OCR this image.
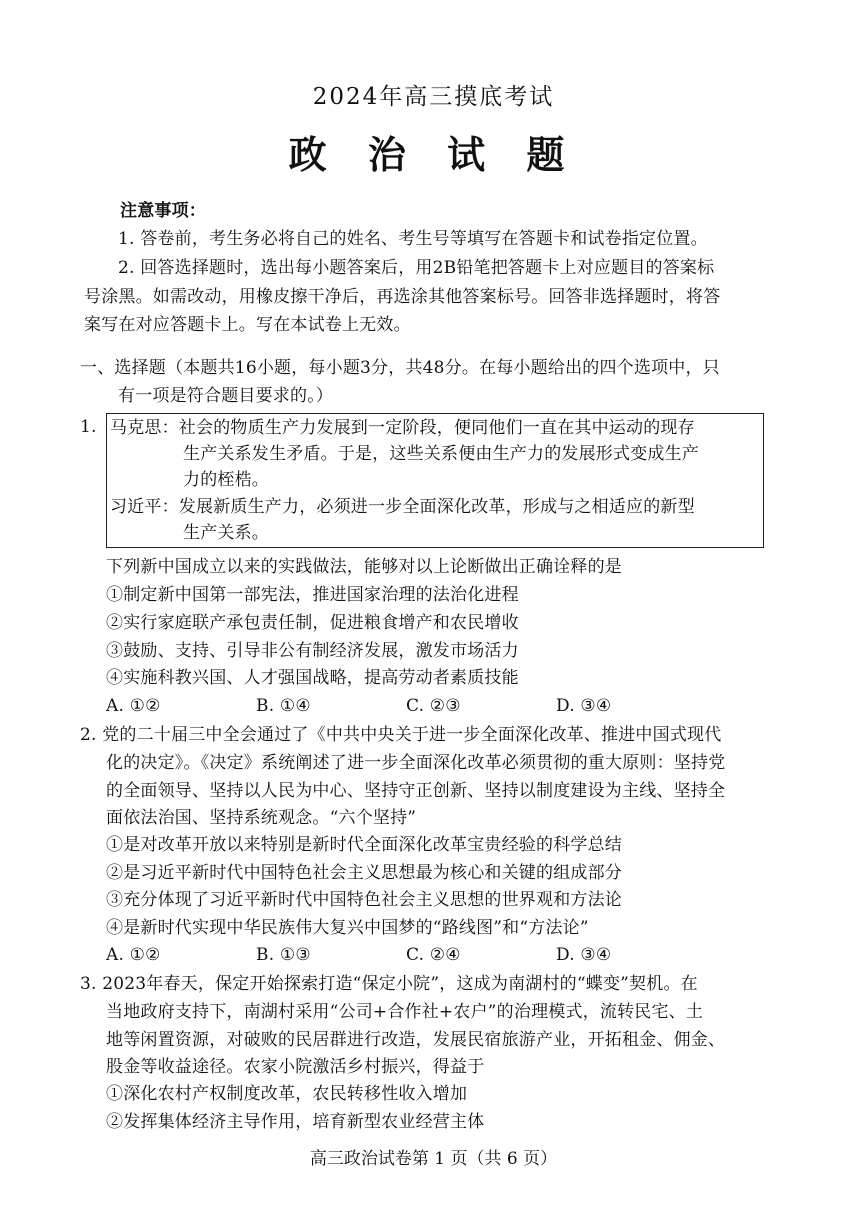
2024年高三摸底考试
政 治 试 题
注意事项：
1. 答卷前，考生务必将自己的姓名、考生号等填写在答题卡和试卷指定位置。
2. 回答选择题时，选出每小题答案后，用2B铅笔把答题卡上对应题目的答案标
号涂黑。如需改动，用橡皮擦干净后，再选涂其他答案标号。回答非选择题时，将答
案写在对应答题卡上。写在本试卷上无效。
一、选择题（本题共16小题，每小题3分，共48分。在每小题给出的四个选项中，只
有一项是符合题目要求的。）
1. 马克思：社会的物质生产力发展到一定阶段，便同他们一直在其中运动的现存
生产关系发生矛盾。于是，这些关系便由生产力的发展形式变成生产
力的桎梏。
习近平：发展新质生产力，必须进一步全面深化改革，形成与之相适应的新型
生产关系。
下列新中国成立以来的实践做法，能够对以上论断做出正确诠释的是
①制定新中国第一部宪法，推进国家治理的法治化进程
②实行家庭联产承包责任制，促进粮食增产和农民增收
③鼓励、支持、引导非公有制经济发展，激发市场活力
④实施科教兴国、人才强国战略，提高劳动者素质技能
A. ①②	B. ①④	C. ②③	D. ③④
2. 党的二十届三中全会通过了《中共中央关于进一步全面深化改革、推进中国式现代
化的决定》。《决定》系统阐述了进一步全面深化改革必须贯彻的重大原则：坚持党
的全面领导、坚持以人民为中心、坚持守正创新、坚持以制度建设为主线、坚持全
面依法治国、坚持系统观念。“六个坚持”
①是对改革开放以来特别是新时代全面深化改革宝贵经验的科学总结
②是习近平新时代中国特色社会主义思想最为核心和关键的组成部分
③充分体现了习近平新时代中国特色社会主义思想的世界观和方法论
④是新时代实现中华民族伟大复兴中国梦的“路线图”和“方法论”
A. ①②	B. ①③	C. ②④	D. ③④
3. 2023年春天，保定开始探索打造“保定小院”，这成为南湖村的“蝶变”契机。在
当地政府支持下，南湖村采用“公司+合作社+农户”的治理模式，流转民宅、土
地等闲置资源，对破败的民居群进行改造，发展民宿旅游产业，开拓租金、佣金、
股金等收益途径。农家小院激活乡村振兴，得益于
①深化农村产权制度改革，农民转移性收入增加
②发挥集体经济主导作用，培育新型农业经营主体
高三政治试卷第 1 页（共 6 页）
